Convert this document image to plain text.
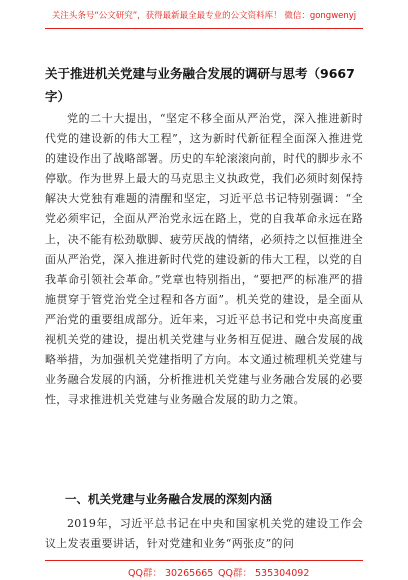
关注头条号“公文研究”，获得最新最全最专业的公文资料库！ 微信：gongwenyj
关于推进机关党建与业务融合发展的调研与思考（9667字）

党的二十大提出，“坚定不移全面从严治党，深入推进新时代党的建设新的伟大工程”，这为新时代新征程全面深入推进党的建设作出了战略部署。历史的车轮滚滚向前，时代的脚步永不停歇。作为世界上最大的马克思主义执政党，我们必须时刻保持解决大党独有难题的清醒和坚定，习近平总书记特别强调：“全党必须牢记，全面从严治党永远在路上，党的自我革命永远在路上，决不能有松劲歇脚、疲劳厌战的情绪，必须持之以恒推进全面从严治党，深入推进新时代党的建设新的伟大工程，以党的自我革命引领社会革命。”党章也特别指出，“要把严的标准严的措施贯穿于管党治党全过程和各方面”。机关党的建设，是全面从严治党的重要组成部分。近年来，习近平总书记和党中央高度重视机关党的建设，提出机关党建与业务相互促进、融合发展的战略举措，为加强机关党建指明了方向。本文通过梳理机关党建与业务融合发展的内涵，分析推进机关党建与业务融合发展的必要性，寻求推进机关党建与业务融合发展的助力之策。

一、机关党建与业务融合发展的深刻内涵

2019年，习近平总书记在中央和国家机关党的建设工作会议上发表重要讲话，针对党建和业务“两张皮”的问

QQ群： 30265665 QQ群： 535304092
